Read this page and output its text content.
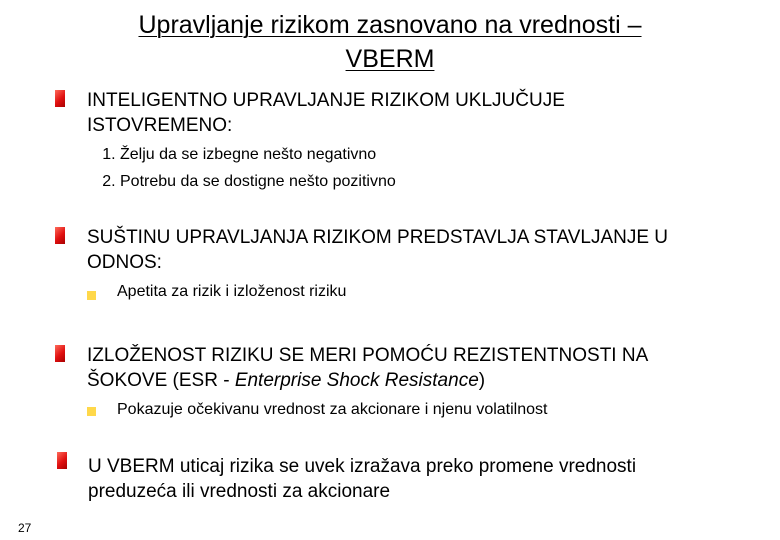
Upravljanje rizikom zasnovano na vrednosti –
VBERM
INTELIGENTNO UPRAVLJANJE RIZIKOM UKLJUČUJE ISTOVREMENO:
1. Želju da se izbegne nešto negativno
2. Potrebu da se dostigne nešto pozitivno
SUŠTINU UPRAVLJANJA RIZIKOM PREDSTAVLJA STAVLJANJE U ODNOS:
Apetita za rizik i izloženost riziku
IZLOŽENOST RIZIKU SE MERI POMOĆU REZISTENTNOSTI NA ŠOKOVE (ESR - Enterprise Shock Resistance)
Pokazuje očekivanu vrednost za akcionare i njenu volatilnost
U VBERM uticaj rizika se uvek izražava preko promene vrednosti preduzeća ili vrednosti za akcionare
27
